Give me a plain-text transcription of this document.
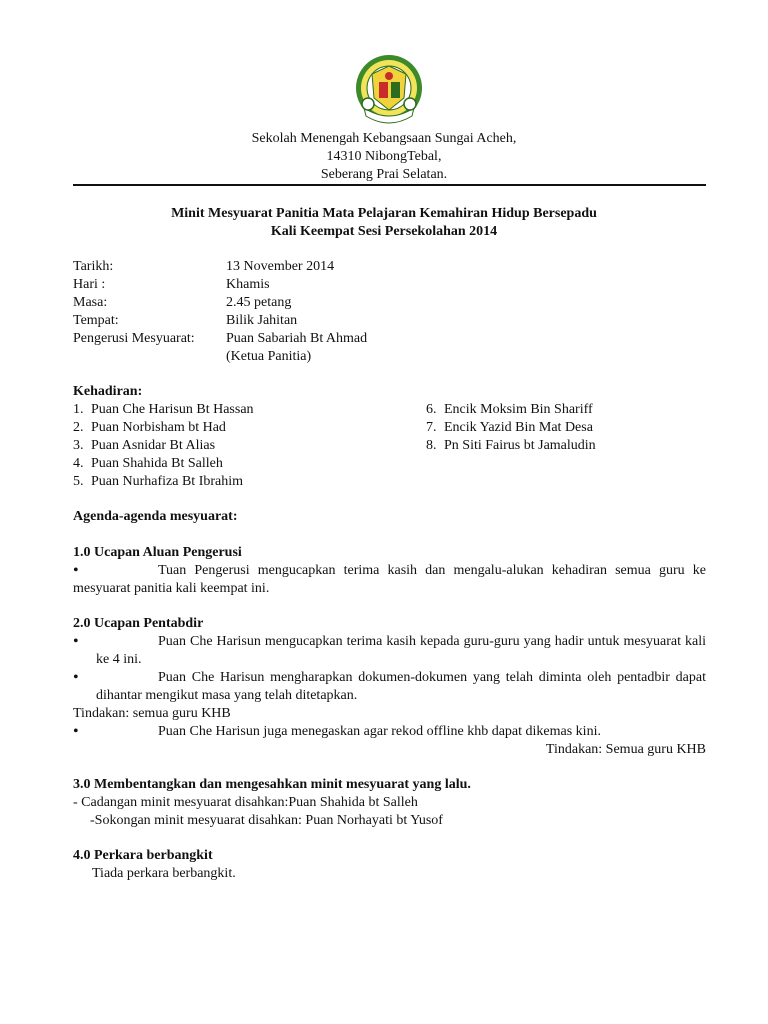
Sekolah Menengah Kebangsaan Sungai Acheh,
14310 NibongTebal,
Seberang Prai Selatan.
Minit Mesyuarat Panitia Mata Pelajaran Kemahiran Hidup Bersepadu
Kali Keempat Sesi Persekolahan 2014
Tarikh:	13 November 2014
Hari :	Khamis
Masa:	2.45 petang
Tempat:	Bilik Jahitan
Pengerusi Mesyuarat: Puan Sabariah Bt Ahmad
(Ketua Panitia)
Kehadiran:
1. Puan Che Harisun Bt Hassan
2. Puan Norbisham bt Had
3. Puan Asnidar Bt Alias
4. Puan Shahida Bt Salleh
5. Puan Nurhafiza Bt Ibrahim
6. Encik Moksim Bin Shariff
7. Encik Yazid Bin Mat Desa
8. Pn Siti Fairus bt Jamaludin
Agenda-agenda mesyuarat:
1.0 Ucapan Aluan Pengerusi
•	Tuan Pengerusi mengucapkan terima kasih dan mengalu-alukan kehadiran semua guru ke mesyuarat panitia kali keempat ini.
2.0 Ucapan Pentabdir
•	Puan Che Harisun mengucapkan terima kasih kepada guru-guru yang hadir untuk mesyuarat kali ke 4 ini.
•	Puan Che Harisun mengharapkan dokumen-dokumen yang telah diminta oleh pentadbir dapat dihantar mengikut masa yang telah ditetapkan.
Tindakan: semua guru KHB
•	Puan Che Harisun juga menegaskan agar rekod offline khb dapat dikemas kini.
Tindakan: Semua guru KHB
3.0 Membentangkan dan mengesahkan minit mesyuarat yang lalu.
- Cadangan minit mesyuarat disahkan:Puan Shahida bt Salleh
-Sokongan minit mesyuarat disahkan: Puan Norhayati bt Yusof
4.0 Perkara berbangkit
Tiada perkara berbangkit.
